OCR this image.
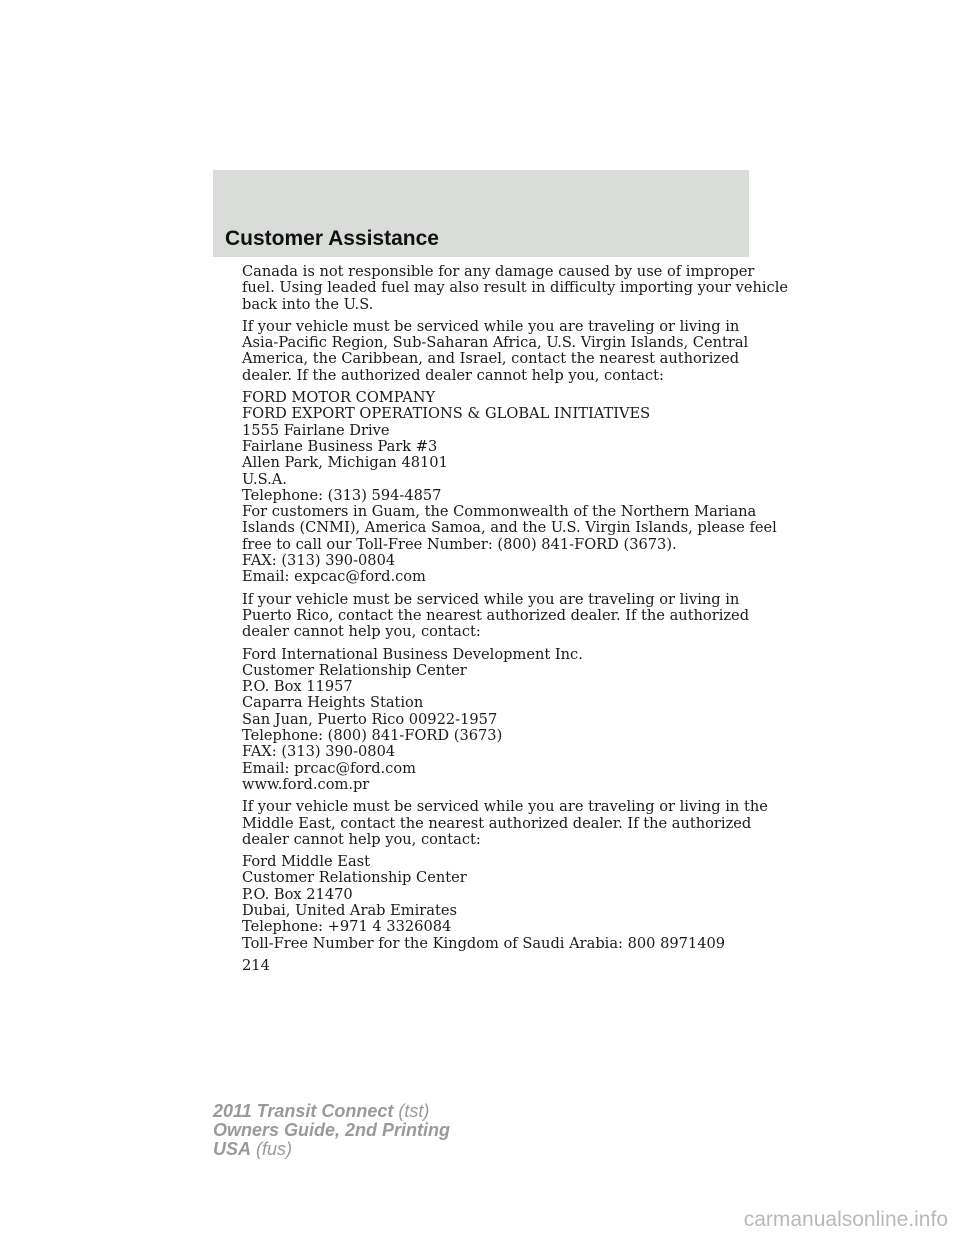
Customer Assistance
Canada is not responsible for any damage caused by use of improper
fuel. Using leaded fuel may also result in difficulty importing your vehicle
back into the U.S.
If your vehicle must be serviced while you are traveling or living in
Asia-Pacific Region, Sub-Saharan Africa, U.S. Virgin Islands, Central
America, the Caribbean, and Israel, contact the nearest authorized
dealer. If the authorized dealer cannot help you, contact:
FORD MOTOR COMPANY
FORD EXPORT OPERATIONS & GLOBAL INITIATIVES
1555 Fairlane Drive
Fairlane Business Park #3
Allen Park, Michigan 48101
U.S.A.
Telephone: (313) 594-4857
For customers in Guam, the Commonwealth of the Northern Mariana
Islands (CNMI), America Samoa, and the U.S. Virgin Islands, please feel
free to call our Toll-Free Number: (800) 841-FORD (3673).
FAX: (313) 390-0804
Email: expcac@ford.com
If your vehicle must be serviced while you are traveling or living in
Puerto Rico, contact the nearest authorized dealer. If the authorized
dealer cannot help you, contact:
Ford International Business Development Inc.
Customer Relationship Center
P.O. Box 11957
Caparra Heights Station
San Juan, Puerto Rico 00922-1957
Telephone: (800) 841-FORD (3673)
FAX: (313) 390-0804
Email: prcac@ford.com
www.ford.com.pr
If your vehicle must be serviced while you are traveling or living in the
Middle East, contact the nearest authorized dealer. If the authorized
dealer cannot help you, contact:
Ford Middle East
Customer Relationship Center
P.O. Box 21470
Dubai, United Arab Emirates
Telephone: +971 4 3326084
Toll-Free Number for the Kingdom of Saudi Arabia: 800 8971409
214
2011 Transit Connect (tst)
Owners Guide, 2nd Printing
USA (fus)
carmanualsonline.info
